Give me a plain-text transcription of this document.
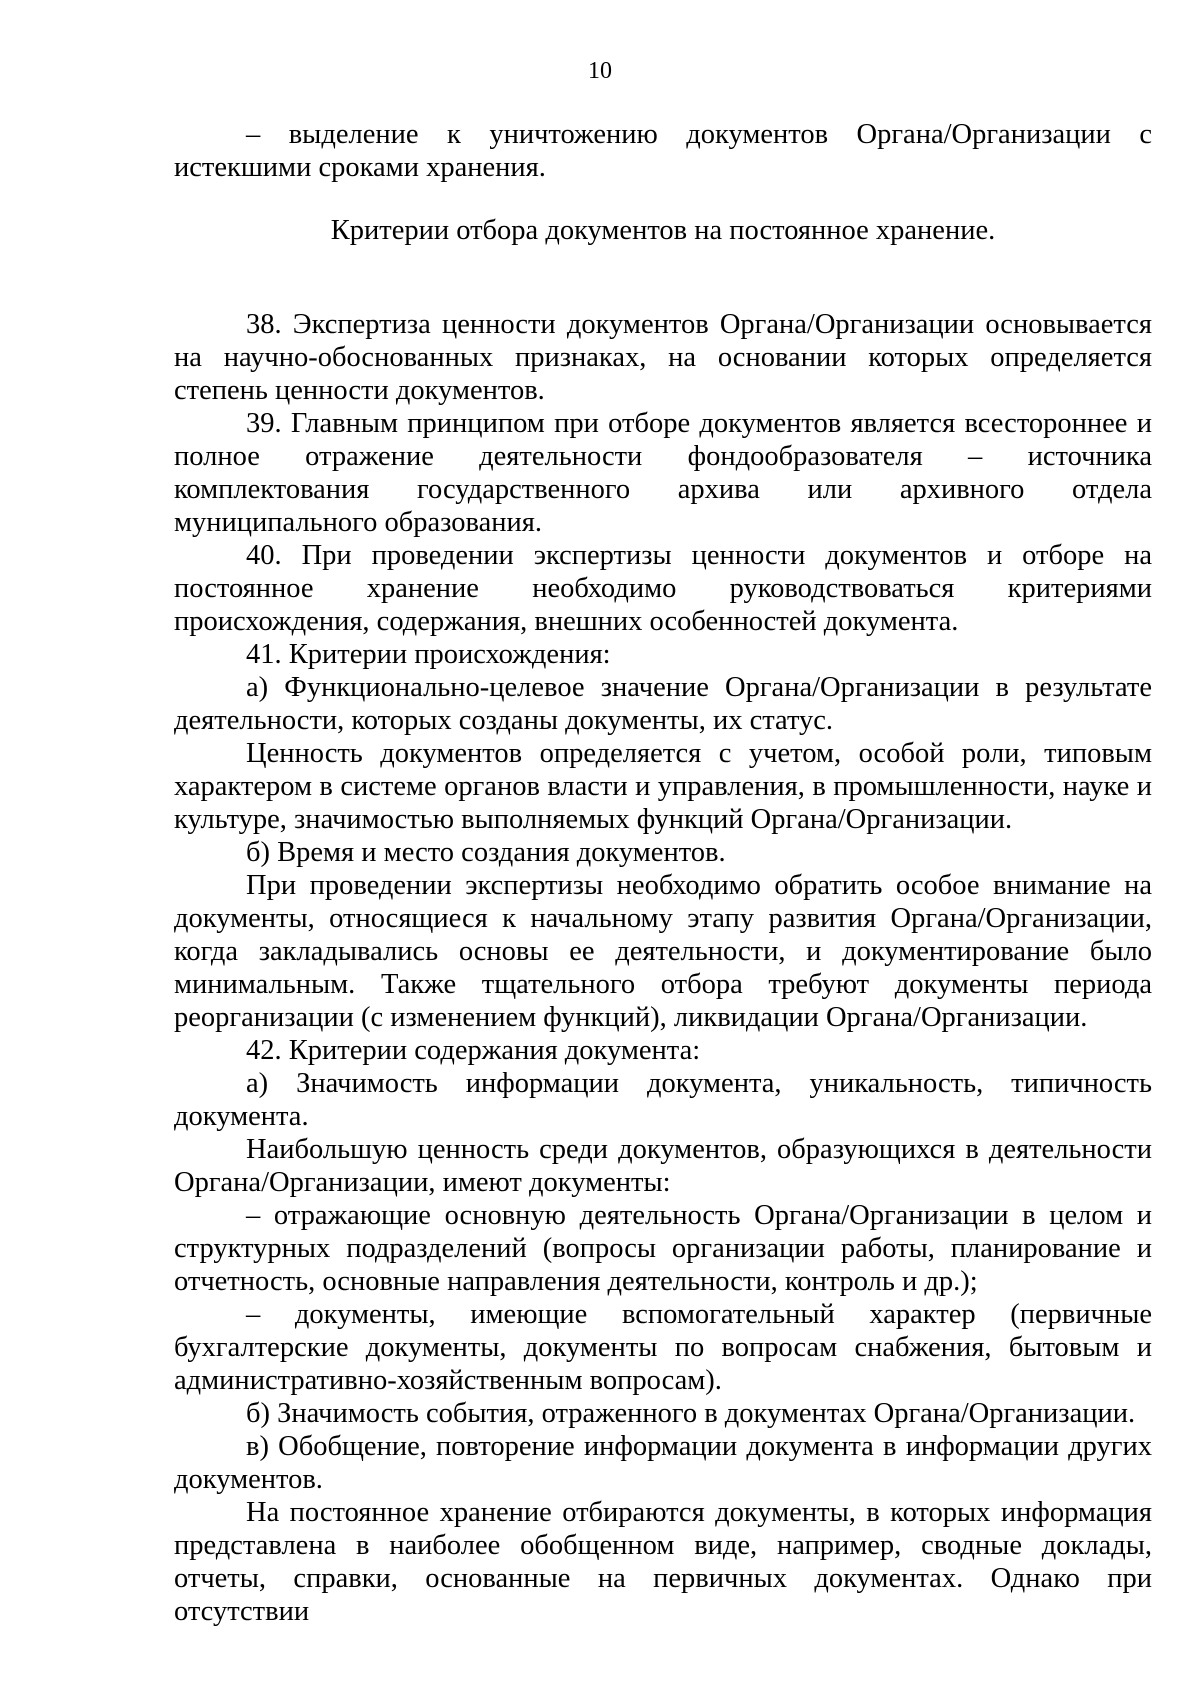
10

– выделение к уничтожению документов Органа/Организации с истекшими сроками хранения.

Критерии отбора документов на постоянное хранение.

38. Экспертиза ценности документов Органа/Организации основывается на научно-обоснованных признаках, на основании которых определяется степень ценности документов.

39. Главным принципом при отборе документов является всестороннее и полное отражение деятельности фондообразователя – источника комплектования государственного архива или архивного отдела муниципального образования.

40. При проведении экспертизы ценности документов и отборе на постоянное хранение необходимо руководствоваться критериями происхождения, содержания, внешних особенностей документа.

41. Критерии происхождения:

а) Функционально-целевое значение Органа/Организации в результате деятельности, которых созданы документы, их статус.

Ценность документов определяется с учетом, особой роли, типовым характером в системе органов власти и управления, в промышленности, науке и культуре, значимостью выполняемых функций Органа/Организации.

б) Время и место создания документов.

При проведении экспертизы необходимо обратить особое внимание на документы, относящиеся к начальному этапу развития Органа/Организации, когда закладывались основы ее деятельности, и документирование было минимальным. Также тщательного отбора требуют документы периода реорганизации (с изменением функций), ликвидации Органа/Организации.

42. Критерии содержания документа:

а) Значимость информации документа, уникальность, типичность документа.

Наибольшую ценность среди документов, образующихся в деятельности Органа/Организации, имеют документы:

– отражающие основную деятельность Органа/Организации в целом и структурных подразделений (вопросы организации работы, планирование и отчетность, основные направления деятельности, контроль и др.);

– документы, имеющие вспомогательный характер (первичные бухгалтерские документы, документы по вопросам снабжения, бытовым и административно-хозяйственным вопросам).

б) Значимость события, отраженного в документах Органа/Организации.

в) Обобщение, повторение информации документа в информации других документов.

На постоянное хранение отбираются документы, в которых информация представлена в наиболее обобщенном виде, например, сводные доклады, отчеты, справки, основанные на первичных документах. Однако при отсутствии
